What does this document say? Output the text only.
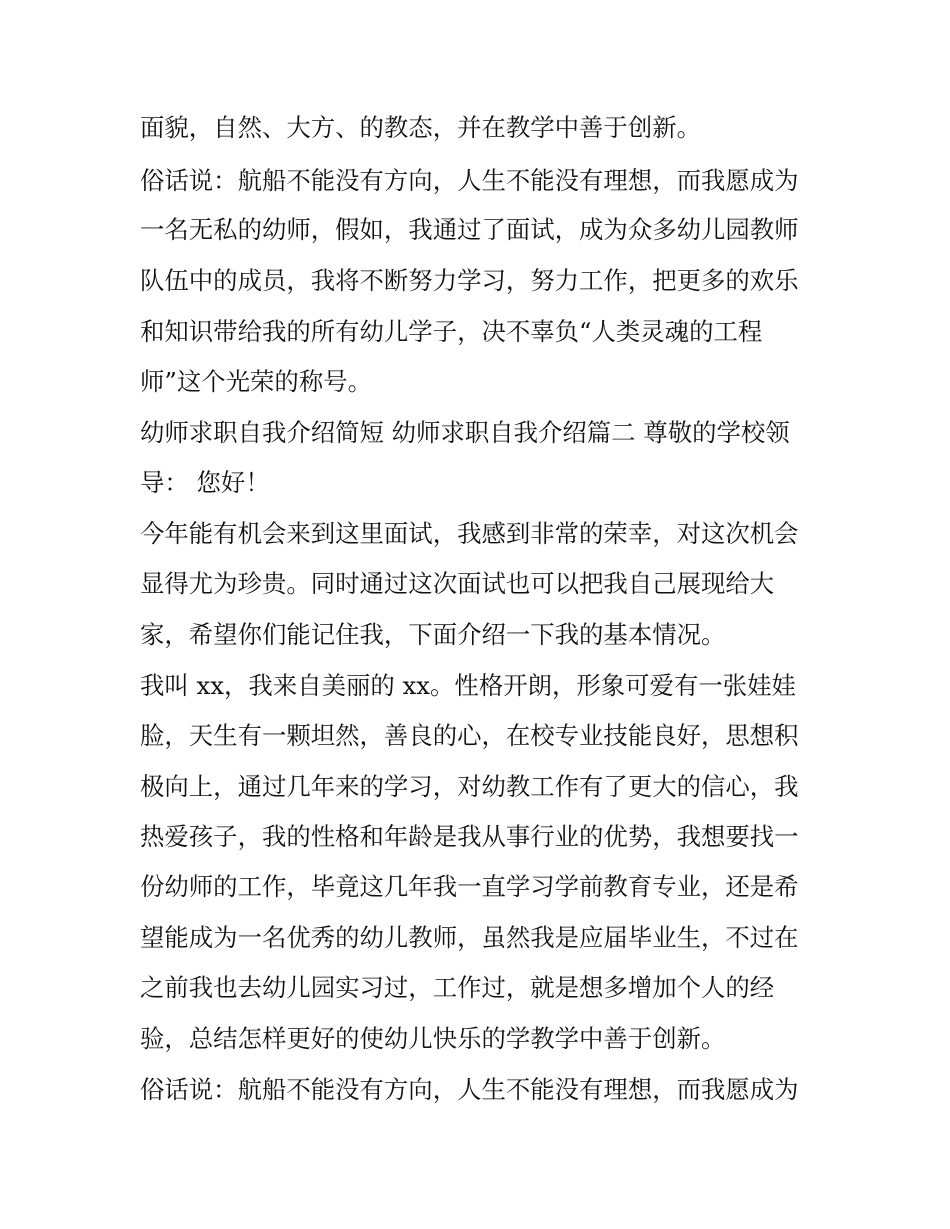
面貌，自然、大方、的教态，并在教学中善于创新。
俗话说：航船不能没有方向，人生不能没有理想，而我愿成为
一名无私的幼师，假如，我通过了面试，成为众多幼儿园教师
队伍中的成员，我将不断努力学习，努力工作，把更多的欢乐
和知识带给我的所有幼儿学子，决不辜负“人类灵魂的工程
师”这个光荣的称号。
幼师求职自我介绍简短 幼师求职自我介绍篇二 尊敬的学校领
导： 您好！
今年能有机会来到这里面试，我感到非常的荣幸，对这次机会
显得尤为珍贵。同时通过这次面试也可以把我自己展现给大
家，希望你们能记住我，下面介绍一下我的基本情况。
我叫 xx，我来自美丽的 xx。性格开朗，形象可爱有一张娃娃
脸，天生有一颗坦然，善良的心，在校专业技能良好，思想积
极向上，通过几年来的学习，对幼教工作有了更大的信心，我
热爱孩子，我的性格和年龄是我从事行业的优势，我想要找一
份幼师的工作，毕竟这几年我一直学习学前教育专业，还是希
望能成为一名优秀的幼儿教师，虽然我是应届毕业生，不过在
之前我也去幼儿园实习过，工作过，就是想多增加个人的经
验，总结怎样更好的使幼儿快乐的学教学中善于创新。
俗话说：航船不能没有方向，人生不能没有理想，而我愿成为
